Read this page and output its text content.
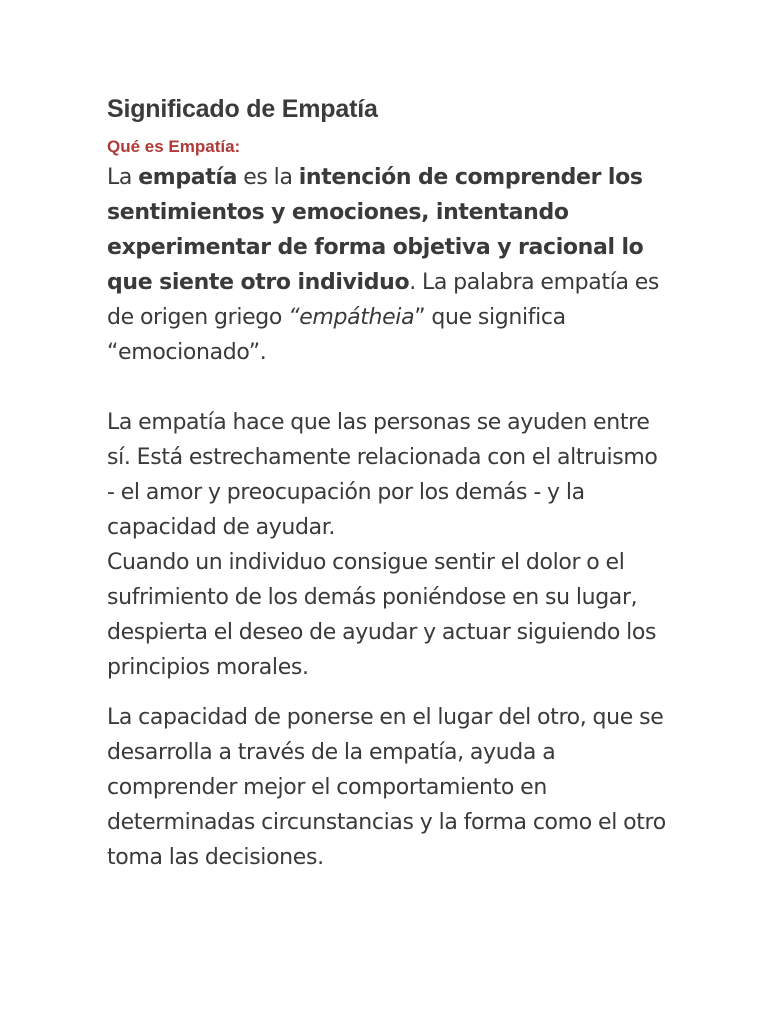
Significado de Empatía
Qué es Empatía:

La empatía es la intención de comprender los sentimientos y emociones, intentando experimentar de forma objetiva y racional lo que siente otro individuo. La palabra empatía es de origen griego “empátheia” que significa “emocionado”.

La empatía hace que las personas se ayuden entre sí. Está estrechamente relacionada con el altruismo - el amor y preocupación por los demás - y la capacidad de ayudar.

Cuando un individuo consigue sentir el dolor o el sufrimiento de los demás poniéndose en su lugar, despierta el deseo de ayudar y actuar siguiendo los principios morales.

La capacidad de ponerse en el lugar del otro, que se desarrolla a través de la empatía, ayuda a comprender mejor el comportamiento en determinadas circunstancias y la forma como el otro toma las decisiones.
